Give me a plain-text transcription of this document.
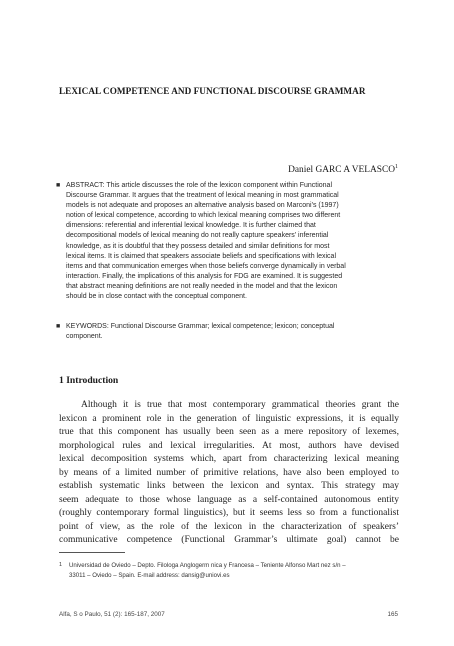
LEXICAL COMPETENCE AND FUNCTIONAL DISCOURSE GRAMMAR
Daniel GARC A VELASCO$^1$
■ ABSTRACT: This article discusses the role of the lexicon component within Functional
Discourse Grammar. It argues that the treatment of lexical meaning in most grammatical
models is not adequate and proposes an alternative analysis based on Marconi’s (1997)
notion of lexical competence, according to which lexical meaning comprises two different
dimensions: referential and inferential lexical knowledge. It is further claimed that
decompositional models of lexical meaning do not really capture speakers’ inferential
knowledge, as it is doubtful that they possess detailed and similar definitions for most
lexical items. It is claimed that speakers associate beliefs and specifications with lexical
items and that communication emerges when those beliefs converge dynamically in verbal
interaction. Finally, the implications of this analysis for FDG are examined. It is suggested
that abstract meaning definitions are not really needed in the model and that the lexicon
should be in close contact with the conceptual component.
■ KEYWORDS: Functional Discourse Grammar; lexical competence; lexicon; conceptual
component.
1 Introduction
Although it is true that most contemporary grammatical theories grant the
lexicon a prominent role in the generation of linguistic expressions, it is equally
true that this component has usually been seen as a mere repository of lexemes,
morphological rules and lexical irregularities. At most, authors have devised
lexical decomposition systems which, apart from characterizing lexical meaning
by means of a limited number of primitive relations, have also been employed to
establish systematic links between the lexicon and syntax. This strategy may
seem adequate to those whose language as a self-contained autonomous entity
(roughly contemporary formal linguistics), but it seems less so from a functionalist
point of view, as the role of the lexicon in the characterization of speakers’
communicative competence (Functional Grammar’s ultimate goal) cannot be
1 Universidad de Oviedo – Depto. Filologa Anglogerm nica y Francesa – Teniente Alfonso Mart nez s/n –
33011 – Oviedo – Spain. E-mail address: dansig@uniovi.es
Alfa, S o Paulo, 51 (2): 165-187, 2007	165
